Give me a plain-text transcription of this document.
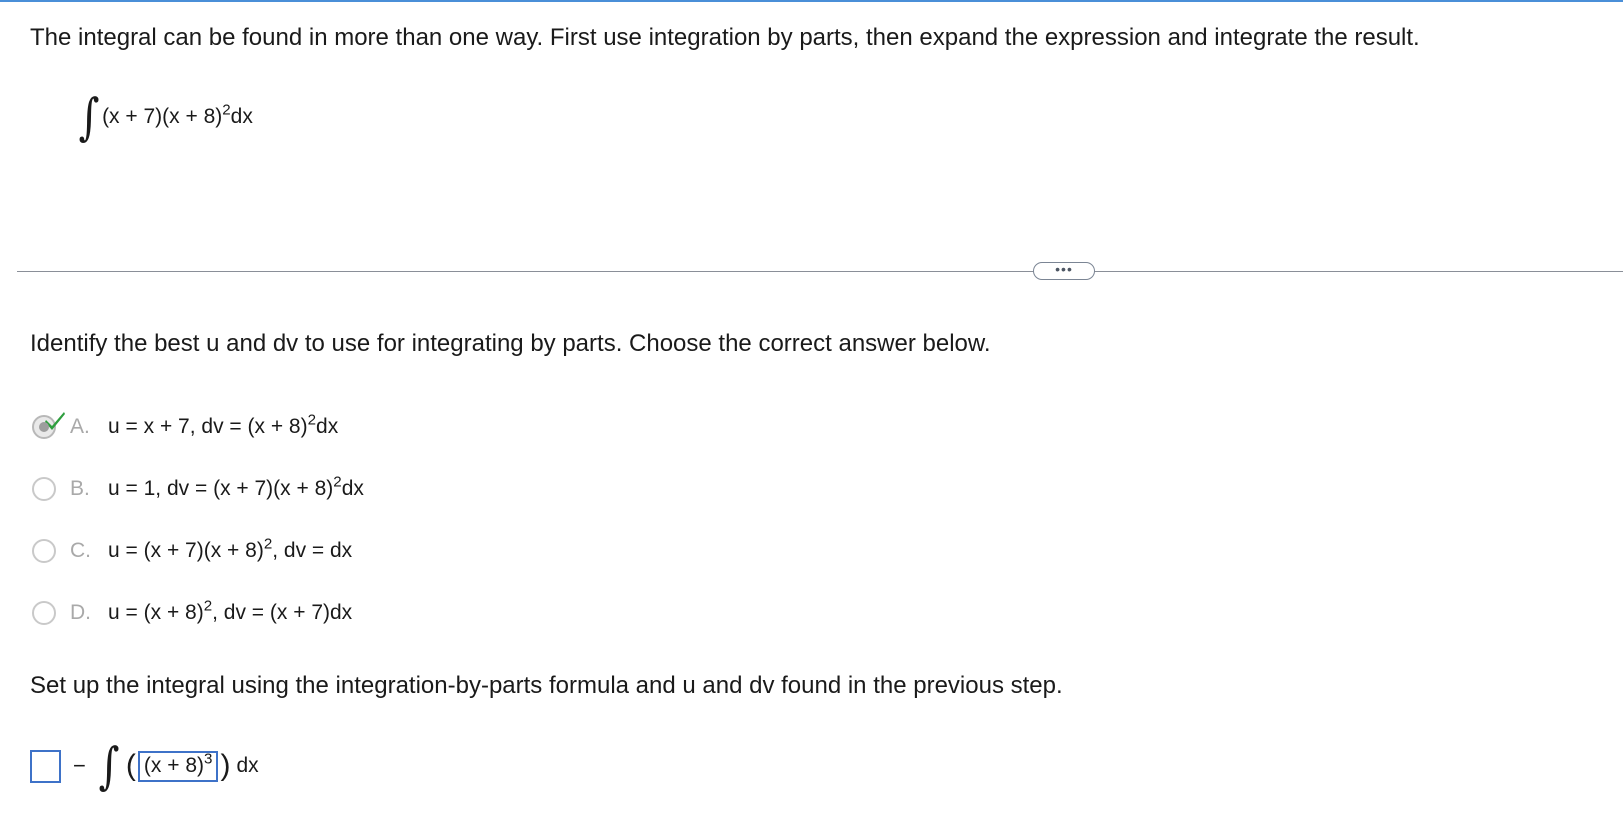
The integral can be found in more than one way. First use integration by parts, then expand the expression and integrate the result.
∫ $(x + 7)(x + 8)^2dx$
•••
Identify the best u and dv to use for integrating by parts. Choose the correct answer below.
A. u = x + 7, dv = $(x + 8)^2dx$
B. u = 1, dv = $(x + 7)(x + 8)^2dx$
C. $u = (x + 7)(x + 8)^2$, dv = dx
D. $u = (x + 8)^2$, dv = (x + 7)dx
Set up the integral using the integration-by-parts formula and u and dv found in the previous step.
− ∫ ( $(x + 8)^3$ ) dx
